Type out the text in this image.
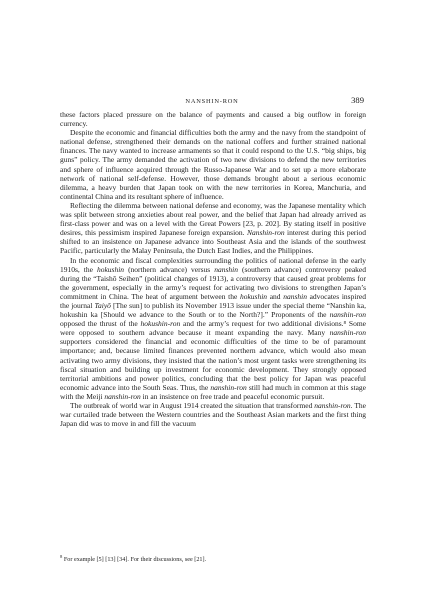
NANSHIN-RON	389

these factors placed pressure on the balance of payments and caused a big outflow in foreign currency.

Despite the economic and financial difficulties both the army and the navy from the standpoint of national defense, strengthened their demands on the national coffers and further strained national finances. The navy wanted to increase armaments so that it could respond to the U.S. “big ships, big guns” policy. The army demanded the activation of two new divisions to defend the new territories and sphere of influence acquired through the Russo-Japanese War and to set up a more elaborate network of national self-defense. However, those demands brought about a serious economic dilemma, a heavy burden that Japan took on with the new territories in Korea, Manchuria, and continental China and its resultant sphere of influence.

Reflecting the dilemma between national defense and economy, was the Japanese mentality which was split between strong anxieties about real power, and the belief that Japan had already arrived as first-class power and was on a level with the Great Powers [23, p. 202]. By stating itself in positive desires, this pessimism inspired Japanese foreign expansion. Nanshin-ron interest during this period shifted to an insistence on Japanese advance into Southeast Asia and the islands of the southwest Pacific, particularly the Malay Peninsula, the Dutch East Indies, and the Philippines.

In the economic and fiscal complexities surrounding the politics of national defense in the early 1910s, the hokushin (northern advance) versus nanshin (southern advance) controversy peaked during the “Taishō Seihen” (political changes of 1913), a controversy that caused great problems for the government, especially in the army’s request for activating two divisions to strengthen Japan’s commitment in China. The heat of argument between the hokushin and nanshin advocates inspired the journal Taiyō [The sun] to publish its November 1913 issue under the special theme “Nanshin ka, hokushin ka [Should we advance to the South or to the North?].” Proponents of the nanshin-ron opposed the thrust of the hokushin-ron and the army’s request for two additional divisions.⁸ Some were opposed to southern advance because it meant expanding the navy. Many nanshin-ron supporters considered the financial and economic difficulties of the time to be of paramount importance; and, because limited finances prevented northern advance, which would also mean activating two army divisions, they insisted that the nation’s most urgent tasks were strengthening its fiscal situation and building up investment for economic development. They strongly opposed territorial ambitions and power politics, concluding that the best policy for Japan was peaceful economic advance into the South Seas. Thus, the nanshin-ron still had much in common at this stage with the Meiji nanshin-ron in an insistence on free trade and peaceful economic pursuit.

The outbreak of world war in August 1914 created the situation that transformed nanshin-ron. The war curtailed trade between the Western countries and the Southeast Asian markets and the first thing Japan did was to move in and fill the vacuum

$^8$ For example [5] [13] [34]. For their discussions, see [21].
